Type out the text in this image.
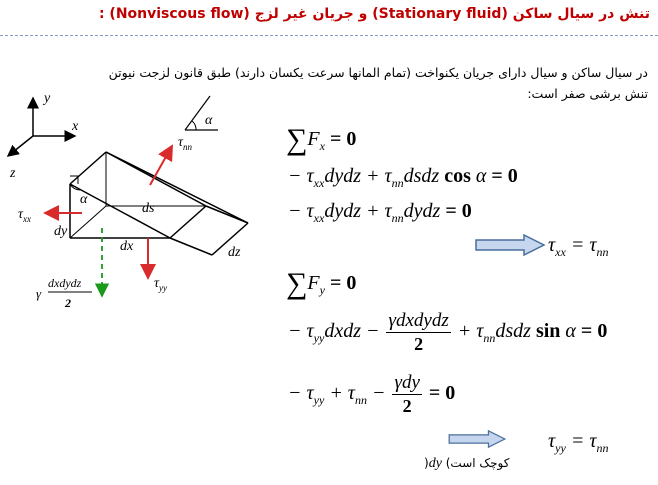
تنش در سیال ساکن (Stationary fluid) و جریان غیر لزج (Nonviscous flow) :
در سیال ساکن و سیال دارای جریان یکنواخت (تمام المانها سرعت یکسان دارند) طبق قانون لزجت نیوتن
تنش برشی صفر است:
y
x
z
α
α
ds
dy
dx	dz
$\tau_{nn}$
$\tau_{xx}$
$\tau_{yy}$
γ
dxdydz
2
$\sum F_x = 0$
− $\tau_{xx}dydz$ + $\tau_{nn}dsdz$ cos α = 0
− $\tau_{xx}dydz$ + $\tau_{nn}dydz = 0$
$\tau_{xx} = \tau_{nn}$
$\sum F_y = 0$
− $\tau_{yy}dxdz - \frac{\text{γdxdydz}}{2}$ + $\tau_{nn}dsdz$ sin α = 0
− $\tau_{yy} + \tau_{nn} - \frac{\text{γdy}}{2} = 0$
$\tau_{yy} = \tau_{nn}$
کوچک است) dy(
